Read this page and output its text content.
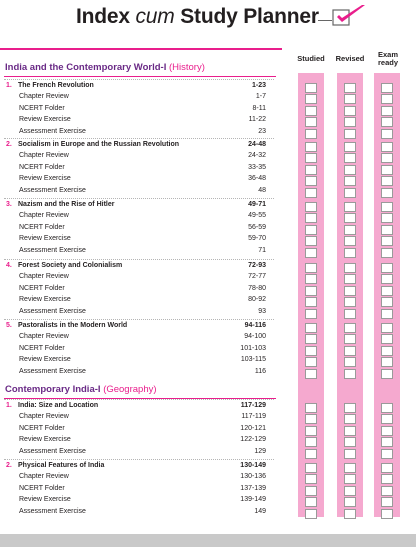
Index cum Study Planner
Studied	Revised	Exam
ready
India and the Contemporary World-I (History)
Contemporary India-I (Geography)
1. The French Revolution	1-23
Chapter Review	1-7
NCERT Folder	8-11
Review Exercise	11-22
Assessment Exercise	23
2. Socialism in Europe and the Russian Revolution	24-48
Chapter Review	24-32
NCERT Folder	33-35
Review Exercise	36-48
Assessment Exercise	48
3. Nazism and the Rise of Hitler	49-71
Chapter Review	49-55
NCERT Folder	56-59
Review Exercise	59-70
Assessment Exercise	71
4. Forest Society and Colonialism	72-93
Chapter Review	72-77
NCERT Folder	78-80
Review Exercise	80-92
Assessment Exercise	93
5. Pastoralists in the Modern World	94-116
Chapter Review	94-100
NCERT Folder	101-103
Review Exercise	103-115
Assessment Exercise	116
1. India: Size and Location	117-129
Chapter Review	117-119
NCERT Folder	120-121
Review Exercise	122-129
Assessment Exercise	129
2. Physical Features of India	130-149
Chapter Review	130-136
NCERT Folder	137-139
Review Exercise	139-149
Assessment Exercise	149
